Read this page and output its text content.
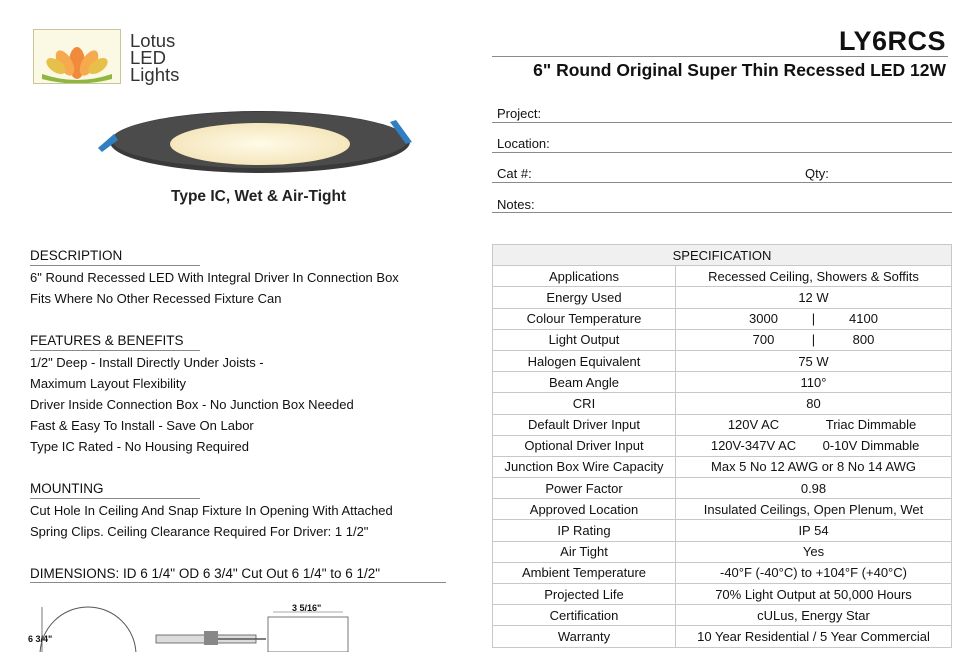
Lotus
LED
Lights
LY6RCS
6" Round Original Super Thin Recessed LED 12W
Project:
Location:
Cat #:	Qty:
Notes:
Type IC, Wet & Air-Tight
DESCRIPTION
6" Round Recessed LED With Integral Driver In Connection Box
Fits Where No Other Recessed Fixture Can
FEATURES & BENEFITS
1/2" Deep - Install Directly Under Joists -
Maximum Layout Flexibility
Driver Inside Connection Box - No Junction Box Needed
Fast & Easy To Install - Save On Labor
Type IC Rated - No Housing Required
MOUNTING
Cut Hole In Ceiling And Snap Fixture In Opening With Attached
Spring Clips. Ceiling Clearance Required For Driver: 1 1/2"
DIMENSIONS: ID 6 1/4" OD 6 3/4" Cut Out 6 1/4" to 6 1/2"
6 3/4"
3 5/16"
SPECIFICATION	
Applications	Recessed Ceiling, Showers & Soffits
Energy Used	12 W
Colour Temperature	3000 | 4100

Light Output	700 | 800

Halogen Equivalent	75 W
Beam Angle	110°
CRI	80
Default Driver Input	120V AC Triac Dimmable

Optional Driver Input	120V-347V AC 0-10V Dimmable

Junction Box Wire Capacity	Max 5 No 12 AWG or 8 No 14 AWG
Power Factor	0.98
Approved Location	Insulated Ceilings, Open Plenum, Wet
IP Rating	IP 54
Air Tight	Yes
Ambient Temperature	-40°F (-40°C) to +104°F (+40°C)
Projected Life	70% Light Output at 50,000 Hours
Certification	cULus, Energy Star
Warranty	10 Year Residential / 5 Year Commercial
